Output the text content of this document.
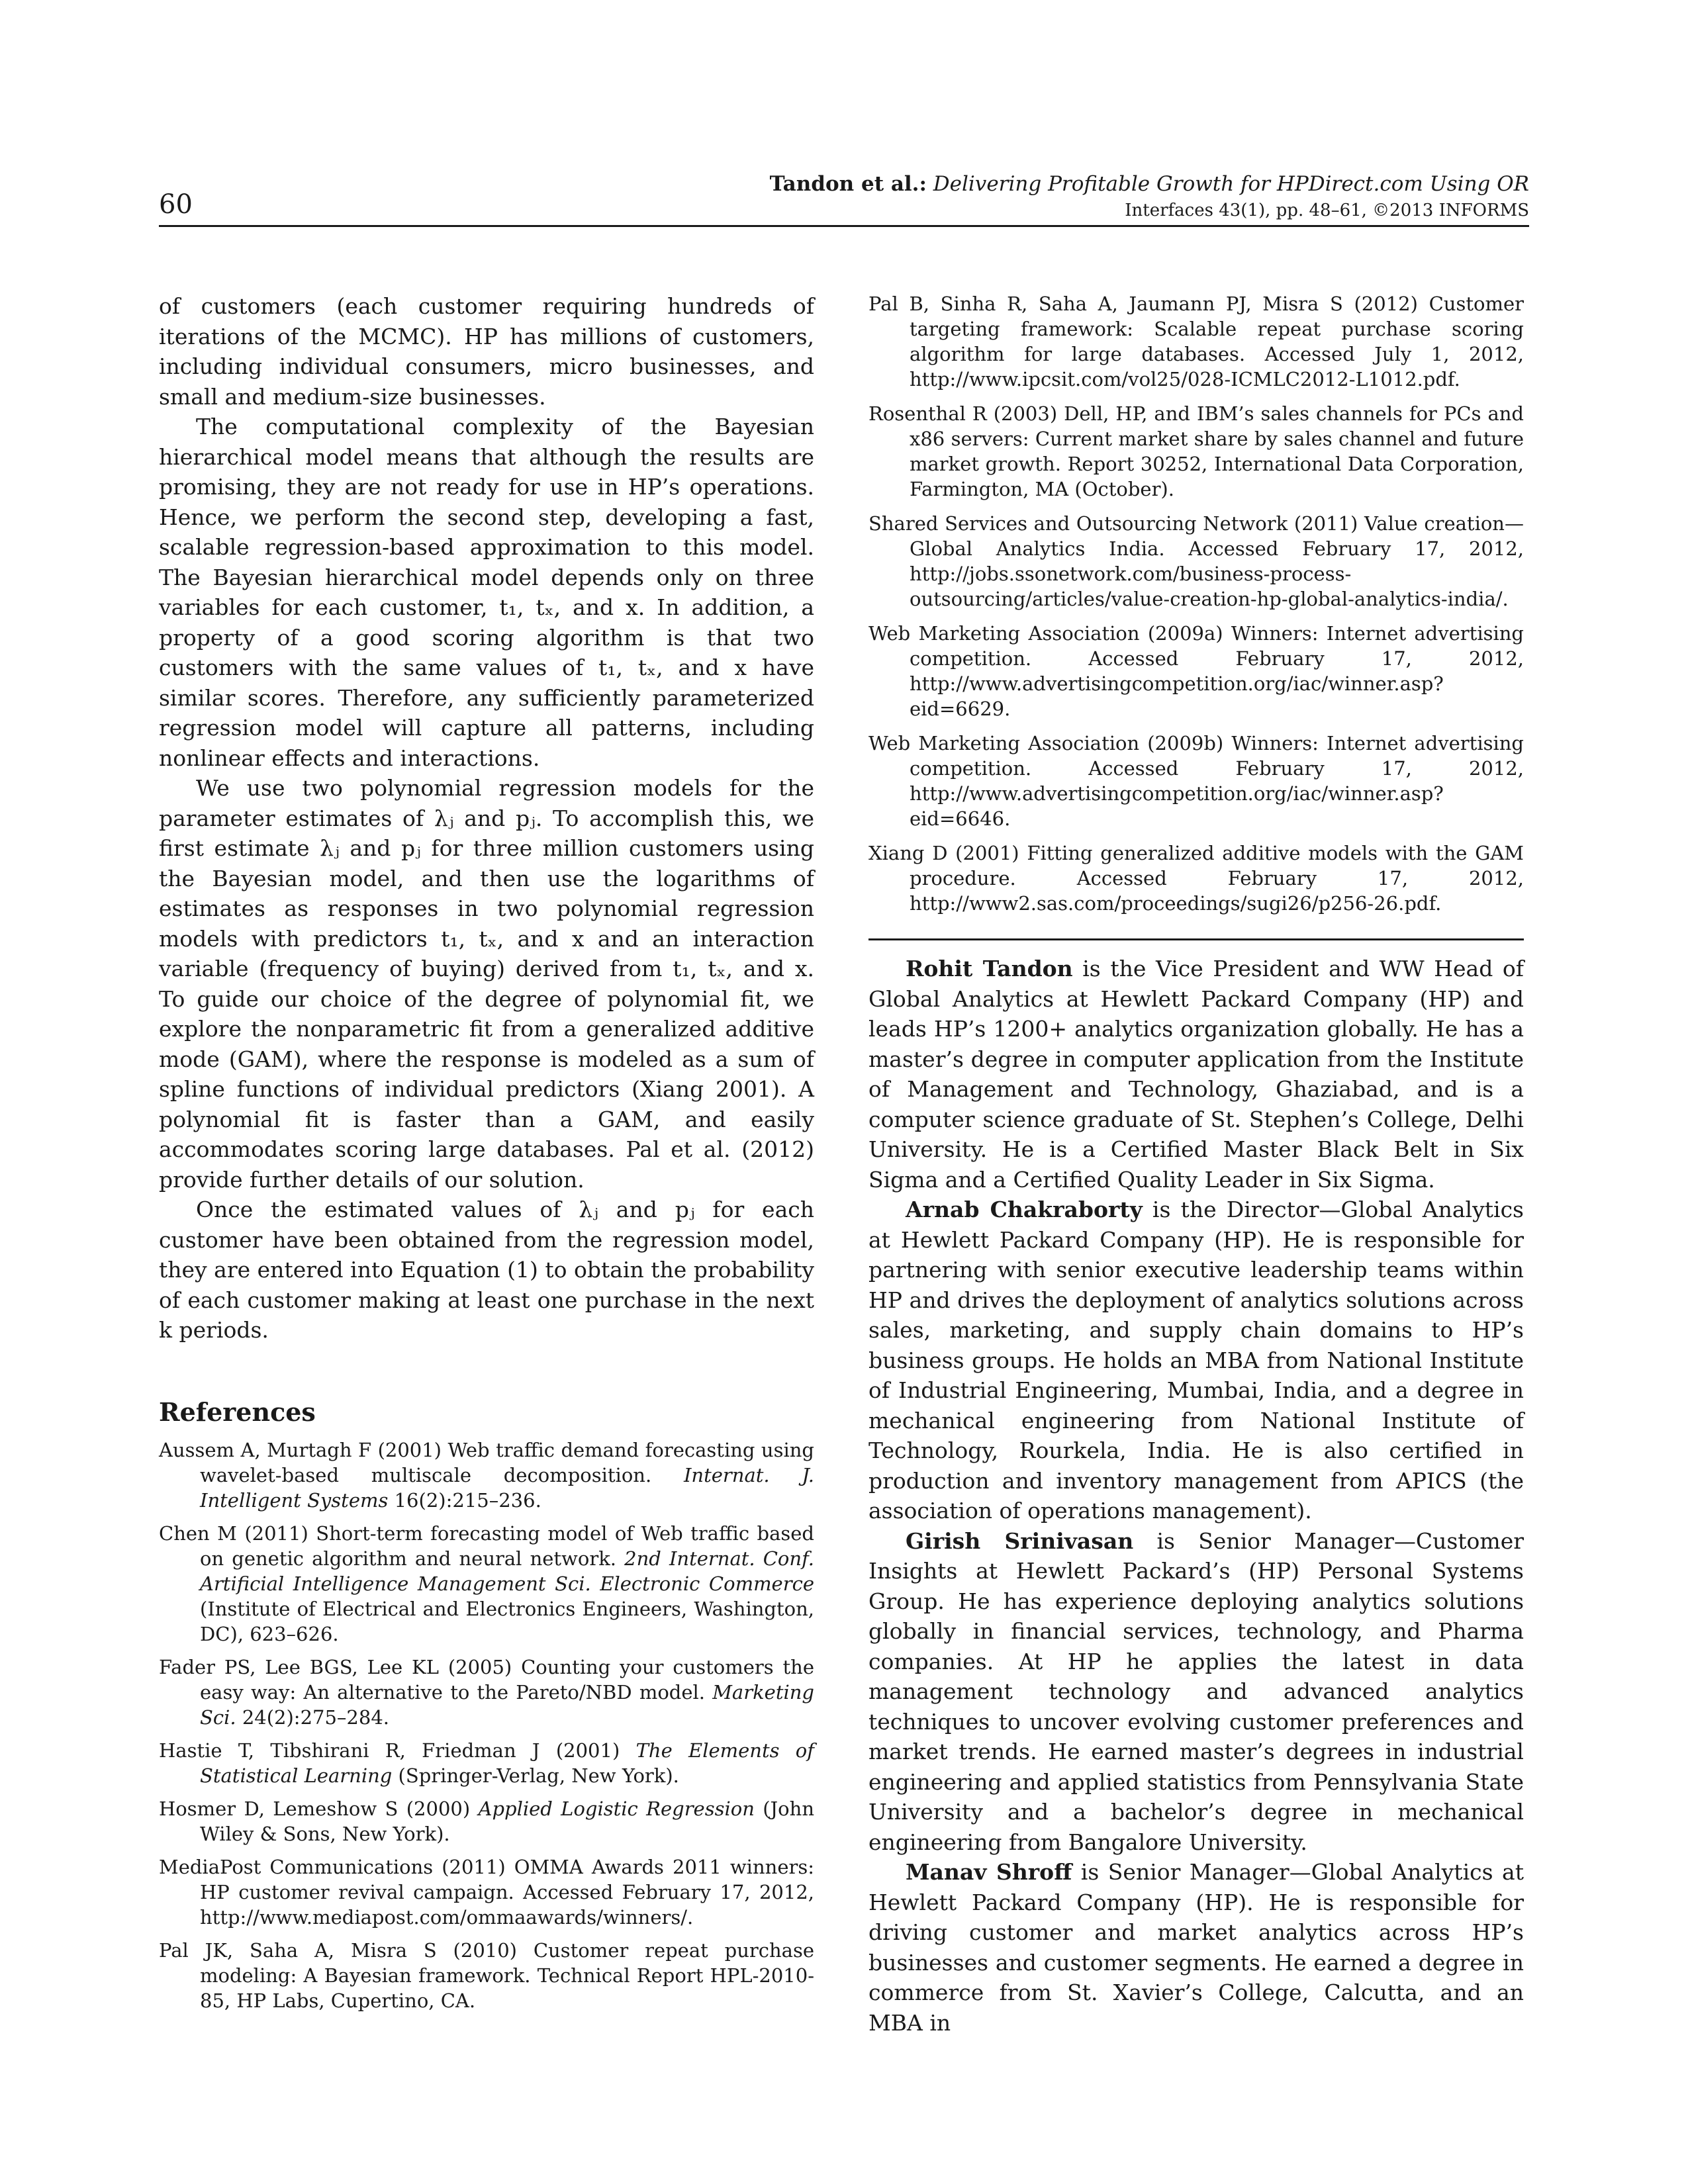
60
Tandon et al.: Delivering Profitable Growth for HPDirect.com Using OR
Interfaces 43(1), pp. 48–61, ©2013 INFORMS

of customers (each customer requiring hundreds of iterations of the MCMC). HP has millions of customers, including individual consumers, micro businesses, and small and medium-size businesses.

The computational complexity of the Bayesian hierarchical model means that although the results are promising, they are not ready for use in HP’s operations. Hence, we perform the second step, developing a fast, scalable regression-based approximation to this model. The Bayesian hierarchical model depends only on three variables for each customer, t₁, tₓ, and x. In addition, a property of a good scoring algorithm is that two customers with the same values of t₁, tₓ, and x have similar scores. Therefore, any sufficiently parameterized regression model will capture all patterns, including nonlinear effects and interactions.

We use two polynomial regression models for the parameter estimates of λⱼ and pⱼ. To accomplish this, we first estimate λⱼ and pⱼ for three million customers using the Bayesian model, and then use the logarithms of estimates as responses in two polynomial regression models with predictors t₁, tₓ, and x and an interaction variable (frequency of buying) derived from t₁, tₓ, and x. To guide our choice of the degree of polynomial fit, we explore the nonparametric fit from a generalized additive mode (GAM), where the response is modeled as a sum of spline functions of individual predictors (Xiang 2001). A polynomial fit is faster than a GAM, and easily accommodates scoring large databases. Pal et al. (2012) provide further details of our solution.

Once the estimated values of λⱼ and pⱼ for each customer have been obtained from the regression model, they are entered into Equation (1) to obtain the probability of each customer making at least one purchase in the next k periods.

References

Aussem A, Murtagh F (2001) Web traffic demand forecasting using wavelet-based multiscale decomposition. Internat. J. Intelligent Systems 16(2):215–236.

Chen M (2011) Short-term forecasting model of Web traffic based on genetic algorithm and neural network. 2nd Internat. Conf. Artificial Intelligence Management Sci. Electronic Commerce (Institute of Electrical and Electronics Engineers, Washington, DC), 623–626.

Fader PS, Lee BGS, Lee KL (2005) Counting your customers the easy way: An alternative to the Pareto/NBD model. Marketing Sci. 24(2):275–284.

Hastie T, Tibshirani R, Friedman J (2001) The Elements of Statistical Learning (Springer-Verlag, New York).

Hosmer D, Lemeshow S (2000) Applied Logistic Regression (John Wiley & Sons, New York).

MediaPost Communications (2011) OMMA Awards 2011 winners: HP customer revival campaign. Accessed February 17, 2012, http://www.mediapost.com/ommaawards/winners/.

Pal JK, Saha A, Misra S (2010) Customer repeat purchase modeling: A Bayesian framework. Technical Report HPL-2010-85, HP Labs, Cupertino, CA.

Pal B, Sinha R, Saha A, Jaumann PJ, Misra S (2012) Customer targeting framework: Scalable repeat purchase scoring algorithm for large databases. Accessed July 1, 2012, http://www.ipcsit.com/vol25/028-ICMLC2012-L1012.pdf.

Rosenthal R (2003) Dell, HP, and IBM’s sales channels for PCs and x86 servers: Current market share by sales channel and future market growth. Report 30252, International Data Corporation, Farmington, MA (October).

Shared Services and Outsourcing Network (2011) Value creation—Global Analytics India. Accessed February 17, 2012, http://jobs.ssonetwork.com/business-process-outsourcing/articles/value-creation-hp-global-analytics-india/.

Web Marketing Association (2009a) Winners: Internet advertising competition. Accessed February 17, 2012, http://www.advertisingcompetition.org/iac/winner.asp?eid=6629.

Web Marketing Association (2009b) Winners: Internet advertising competition. Accessed February 17, 2012, http://www.advertisingcompetition.org/iac/winner.asp?eid=6646.

Xiang D (2001) Fitting generalized additive models with the GAM procedure. Accessed February 17, 2012, http://www2.sas.com/proceedings/sugi26/p256-26.pdf.

Rohit Tandon is the Vice President and WW Head of Global Analytics at Hewlett Packard Company (HP) and leads HP’s 1200+ analytics organization globally. He has a master’s degree in computer application from the Institute of Management and Technology, Ghaziabad, and is a computer science graduate of St. Stephen’s College, Delhi University. He is a Certified Master Black Belt in Six Sigma and a Certified Quality Leader in Six Sigma.

Arnab Chakraborty is the Director—Global Analytics at Hewlett Packard Company (HP). He is responsible for partnering with senior executive leadership teams within HP and drives the deployment of analytics solutions across sales, marketing, and supply chain domains to HP’s business groups. He holds an MBA from National Institute of Industrial Engineering, Mumbai, India, and a degree in mechanical engineering from National Institute of Technology, Rourkela, India. He is also certified in production and inventory management from APICS (the association of operations management).

Girish Srinivasan is Senior Manager—Customer Insights at Hewlett Packard’s (HP) Personal Systems Group. He has experience deploying analytics solutions globally in financial services, technology, and Pharma companies. At HP he applies the latest in data management technology and advanced analytics techniques to uncover evolving customer preferences and market trends. He earned master’s degrees in industrial engineering and applied statistics from Pennsylvania State University and a bachelor’s degree in mechanical engineering from Bangalore University.

Manav Shroff is Senior Manager—Global Analytics at Hewlett Packard Company (HP). He is responsible for driving customer and market analytics across HP’s businesses and customer segments. He earned a degree in commerce from St. Xavier’s College, Calcutta, and an MBA in
